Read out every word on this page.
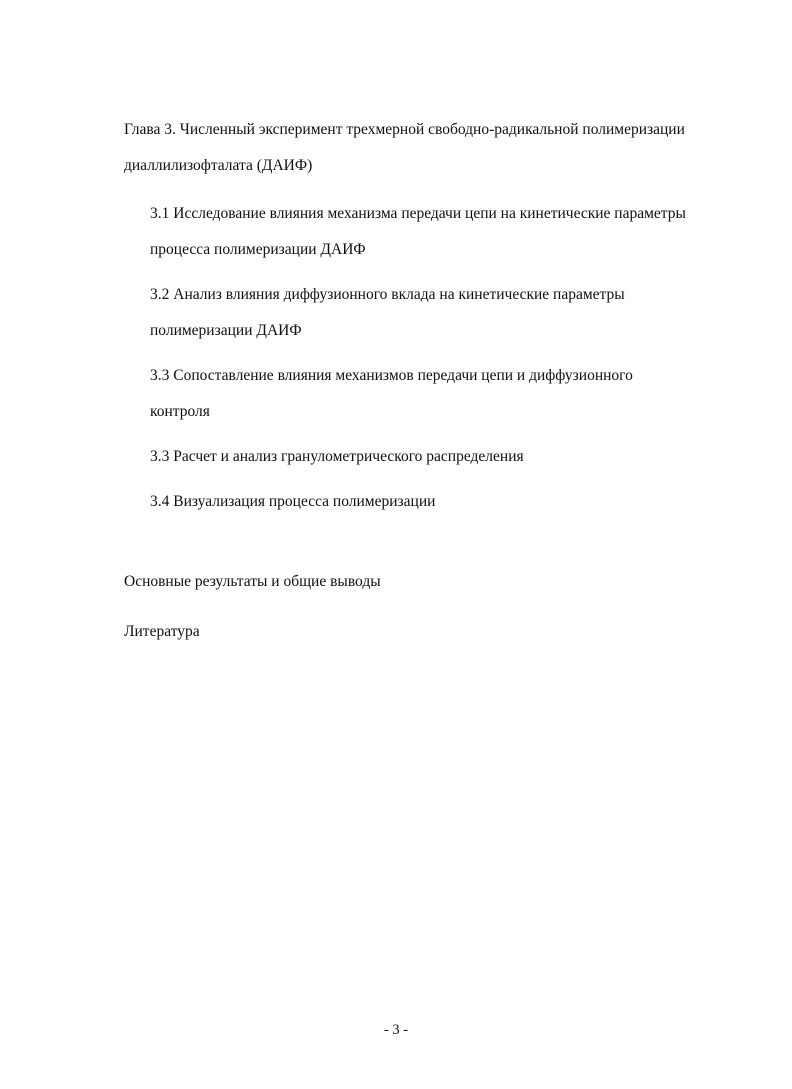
Глава 3. Численный эксперимент трехмерной свободно-радикальной полимеризации диаллилизофталата (ДАИФ)

3.1 Исследование влияния механизма передачи цепи на кинетические параметры процесса полимеризации ДАИФ
3.2 Анализ влияния диффузионного вклада на кинетические параметры полимеризации ДАИФ
3.3 Сопоставление влияния механизмов передачи цепи и диффузионного контроля
3.3 Расчет и анализ гранулометрического распределения
3.4 Визуализация процесса полимеризации

Основные результаты и общие выводы

Литература

- 3 -
